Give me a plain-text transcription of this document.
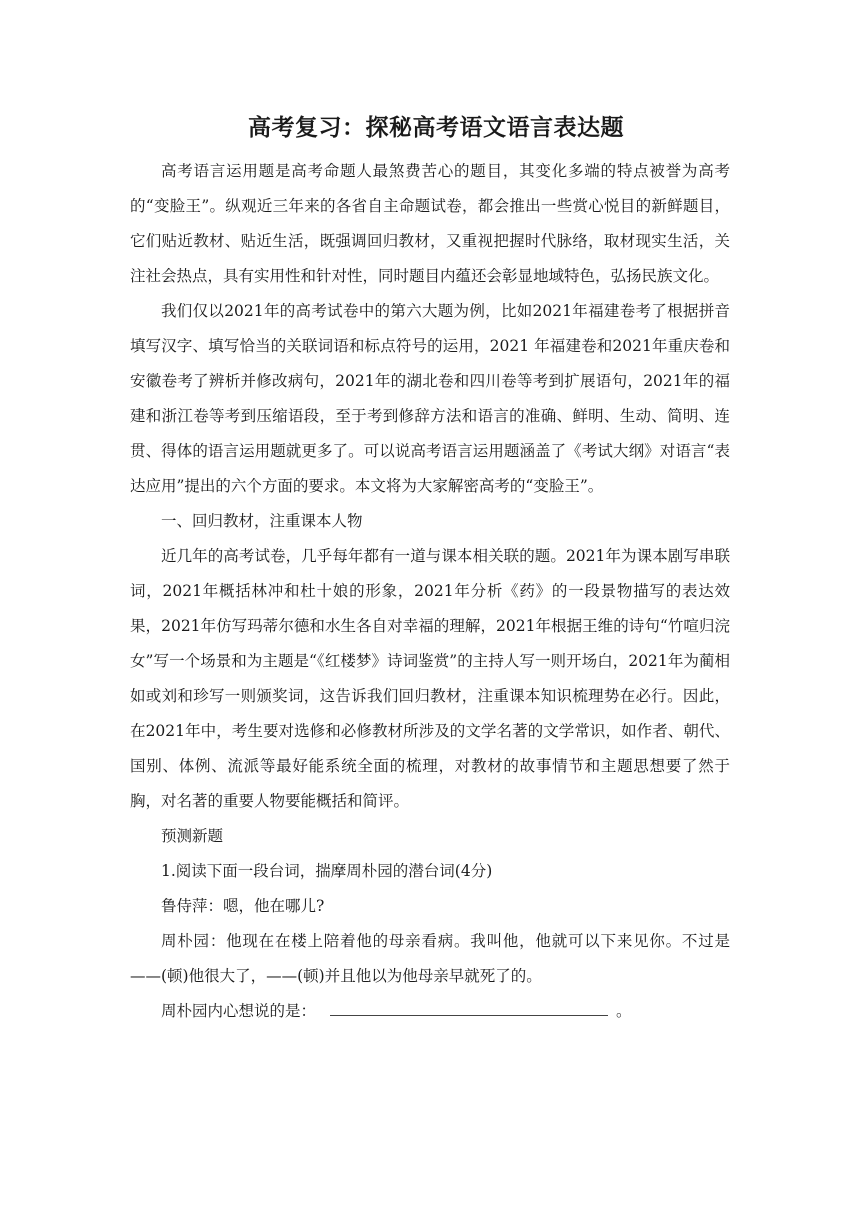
高考复习：探秘高考语文语言表达题

高考语言运用题是高考命题人最煞费苦心的题目，其变化多端的特点被誉为高考的“变脸王”。纵观近三年来的各省自主命题试卷，都会推出一些赏心悦目的新鲜题目，它们贴近教材、贴近生活，既强调回归教材，又重视把握时代脉络，取材现实生活，关注社会热点，具有实用性和针对性，同时题目内蕴还会彰显地域特色，弘扬民族文化。

我们仅以2021年的高考试卷中的第六大题为例，比如2021年福建卷考了根据拼音填写汉字、填写恰当的关联词语和标点符号的运用，2021 年福建卷和2021年重庆卷和安徽卷考了辨析并修改病句，2021年的湖北卷和四川卷等考到扩展语句，2021年的福建和浙江卷等考到压缩语段，至于考到修辞方法和语言的准确、鲜明、生动、简明、连贯、得体的语言运用题就更多了。可以说高考语言运用题涵盖了《考试大纲》对语言“表达应用”提出的六个方面的要求。本文将为大家解密高考的“变脸王”。

一、回归教材，注重课本人物

近几年的高考试卷，几乎每年都有一道与课本相关联的题。2021年为课本剧写串联词，2021年概括林冲和杜十娘的形象，2021年分析《药》的一段景物描写的表达效果，2021年仿写玛蒂尔德和水生各自对幸福的理解，2021年根据王维的诗句“竹喧归浣女”写一个场景和为主题是“《红楼梦》诗词鉴赏”的主持人写一则开场白，2021年为蔺相如或刘和珍写一则颁奖词，这告诉我们回归教材，注重课本知识梳理势在必行。因此，在2021年中，考生要对选修和必修教材所涉及的文学名著的文学常识，如作者、朝代、国别、体例、流派等最好能系统全面的梳理，对教材的故事情节和主题思想要了然于胸，对名著的重要人物要能概括和简评。

预测新题

1.阅读下面一段台词，揣摩周朴园的潜台词(4分)

鲁侍萍：嗯，他在哪儿?

周朴园：他现在在楼上陪着他的母亲看病。我叫他，他就可以下来见你。不过是——(顿)他很大了，——(顿)并且他以为他母亲早就死了的。

周朴园内心想说的是：	。
